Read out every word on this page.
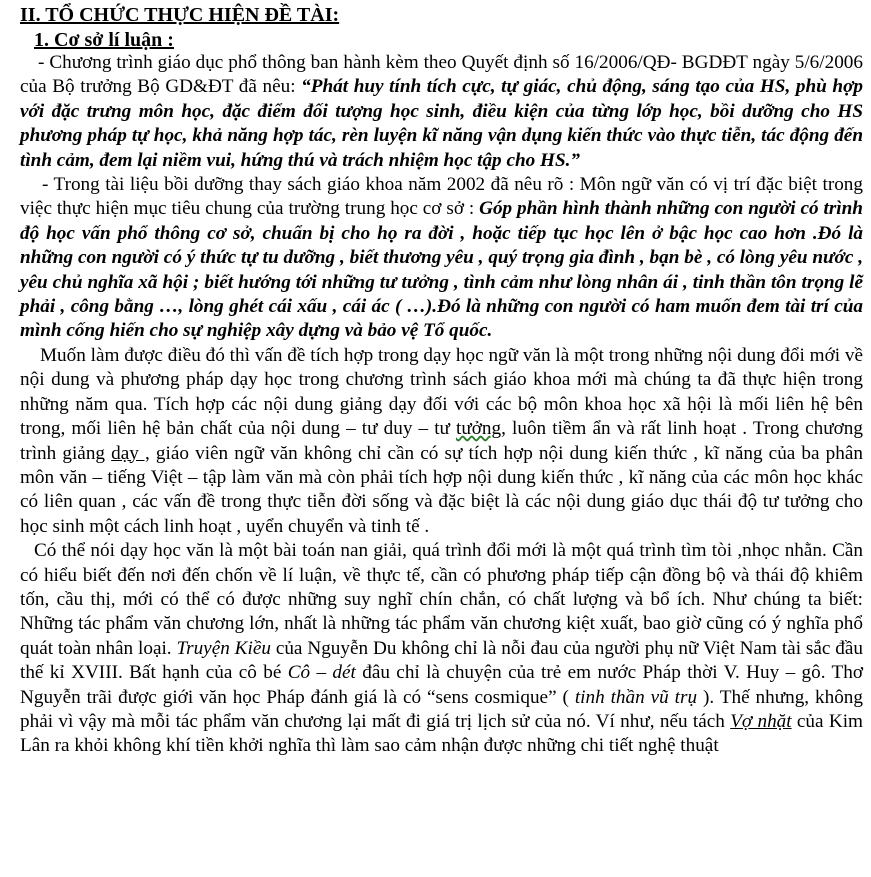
II. TỔ CHỨC THỰC HIỆN ĐỀ TÀI:
1. Cơ sở lí luận :

- Chương trình giáo dục phổ thông ban hành kèm theo Quyết định số 16/2006/QĐ- BGDĐT ngày 5/6/2006 của Bộ trưởng Bộ GD&ĐT đã nêu: “Phát huy tính tích cực, tự giác, chủ động, sáng tạo của HS, phù hợp với đặc trưng môn học, đặc điểm đối tượng học sinh, điều kiện của từng lớp học, bồi dưỡng cho HS phương pháp tự học, khả năng hợp tác, rèn luyện kĩ năng vận dụng kiến thức vào thực tiễn, tác động đến tình cảm, đem lại niềm vui, hứng thú và trách nhiệm học tập cho HS.”

- Trong tài liệu bồi dưỡng thay sách giáo khoa năm 2002 đã nêu rõ : Môn ngữ văn có vị trí đặc biệt trong việc thực hiện mục tiêu chung của trường trung học cơ sở : Góp phần hình thành những con người có trình độ học vấn phổ thông cơ sở, chuẩn bị cho họ ra đời , hoặc tiếp tục học lên ở bậc học cao hơn .Đó là những con người có ý thức tự tu dưỡng , biết thương yêu , quý trọng gia đình , bạn bè , có lòng yêu nước , yêu chủ nghĩa xã hội ; biết hướng tới những tư tưởng , tình cảm như lòng nhân ái , tinh thần tôn trọng lẽ phải , công bằng …, lòng ghét cái xấu , cái ác ( …).Đó là những con người có ham muốn đem tài trí của mình cống hiến cho sự nghiệp xây dựng và bảo vệ Tổ quốc.

Muốn làm được điều đó thì vấn đề tích hợp trong dạy học ngữ văn là một trong những nội dung đổi mới về nội dung và phương pháp dạy học trong chương trình sách giáo khoa mới mà chúng ta đã thực hiện trong những năm qua. Tích hợp các nội dung giảng dạy đối với các bộ môn khoa học xã hội là mối liên hệ bên trong, mối liên hệ bản chất của nội dung – tư duy – tư tưởng, luôn tiềm ẩn và rất linh hoạt . Trong chương trình giảng dạy , giáo viên ngữ văn không chỉ cần có sự tích hợp nội dung kiến thức , kĩ năng của ba phân môn văn – tiếng Việt – tập làm văn mà còn phải tích hợp nội dung kiến thức , kĩ năng của các môn học khác có liên quan , các vấn đề trong thực tiễn đời sống và đặc biệt là các nội dung giáo dục thái độ tư tưởng cho học sinh một cách linh hoạt , uyển chuyển và tinh tế .

Có thể nói dạy học văn là một bài toán nan giải, quá trình đổi mới là một quá trình tìm tòi ,nhọc nhằn. Cần có hiểu biết đến nơi đến chốn về lí luận, về thực tế, cần có phương pháp tiếp cận đồng bộ và thái độ khiêm tốn, cầu thị, mới có thể có được những suy nghĩ chín chắn, có chất lượng và bổ ích. Như chúng ta biết: Những tác phẩm văn chương lớn, nhất là những tác phẩm văn chương kiệt xuất, bao giờ cũng có ý nghĩa phổ quát toàn nhân loại. Truyện Kiều của Nguyễn Du không chỉ là nỗi đau của người phụ nữ Việt Nam tài sắc đầu thế kỉ XVIII. Bất hạnh của cô bé Cô – dét đâu chỉ là chuyện của trẻ em nước Pháp thời V. Huy – gô. Thơ Nguyễn trãi được giới văn học Pháp đánh giá là có “sens cosmique” ( tinh thần vũ trụ ). Thế nhưng, không phải vì vậy mà mỗi tác phẩm văn chương lại mất đi giá trị lịch sử của nó. Ví như, nếu tách Vợ nhặt của Kim Lân ra khỏi không khí tiền khởi nghĩa thì làm sao cảm nhận được những chi tiết nghệ thuật
